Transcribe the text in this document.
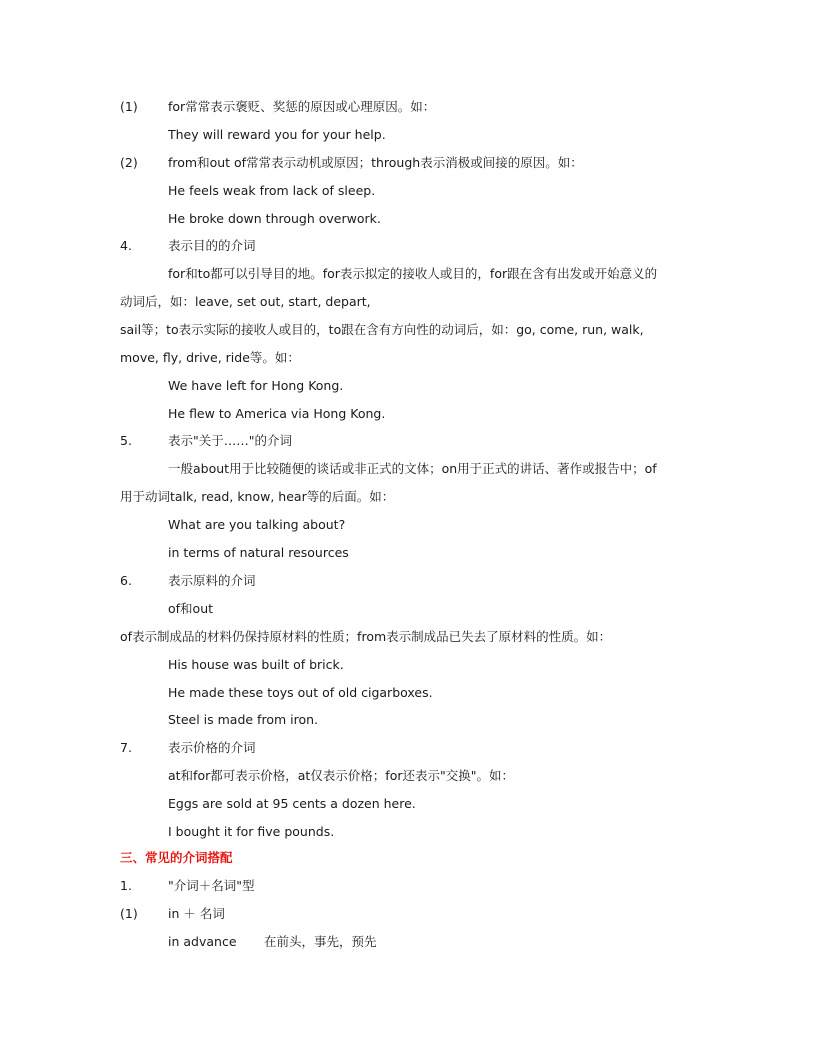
(1) for常常表示褒贬、奖惩的原因或心理原因。如：
They will reward you for your help.
(2) from和out of常常表示动机或原因；through表示消极或间接的原因。如：
He feels weak from lack of sleep.
He broke down through overwork.
4.	表示目的的介词
for和to都可以引导目的地。for表示拟定的接收人或目的，for跟在含有出发或开始意义的
动词后，如：leave, set out, start, depart,
sail等；to表示实际的接收人或目的，to跟在含有方向性的动词后，如：go, come, run, walk,
move, fly, drive, ride等。如：
We have left for Hong Kong.
He flew to America via Hong Kong.
5.	表示"关于……"的介词
一般about用于比较随便的谈话或非正式的文体；on用于正式的讲话、著作或报告中；of
用于动词talk, read, know, hear等的后面。如：
What are you talking about?
in terms of natural resources
6.	表示原料的介词
of和out
of表示制成品的材料仍保持原材料的性质；from表示制成品已失去了原材料的性质。如：
His house was built of brick.
He made these toys out of old cigarboxes.
Steel is made from iron.
7.	表示价格的介词
at和for都可表示价格，at仅表示价格；for还表示"交换"。如：
Eggs are sold at 95 cents a dozen here.
I bought it for five pounds.
三、常见的介词搭配
1.	"介词＋名词"型
(1) in ＋ 名词
in advance 在前头，事先，预先
